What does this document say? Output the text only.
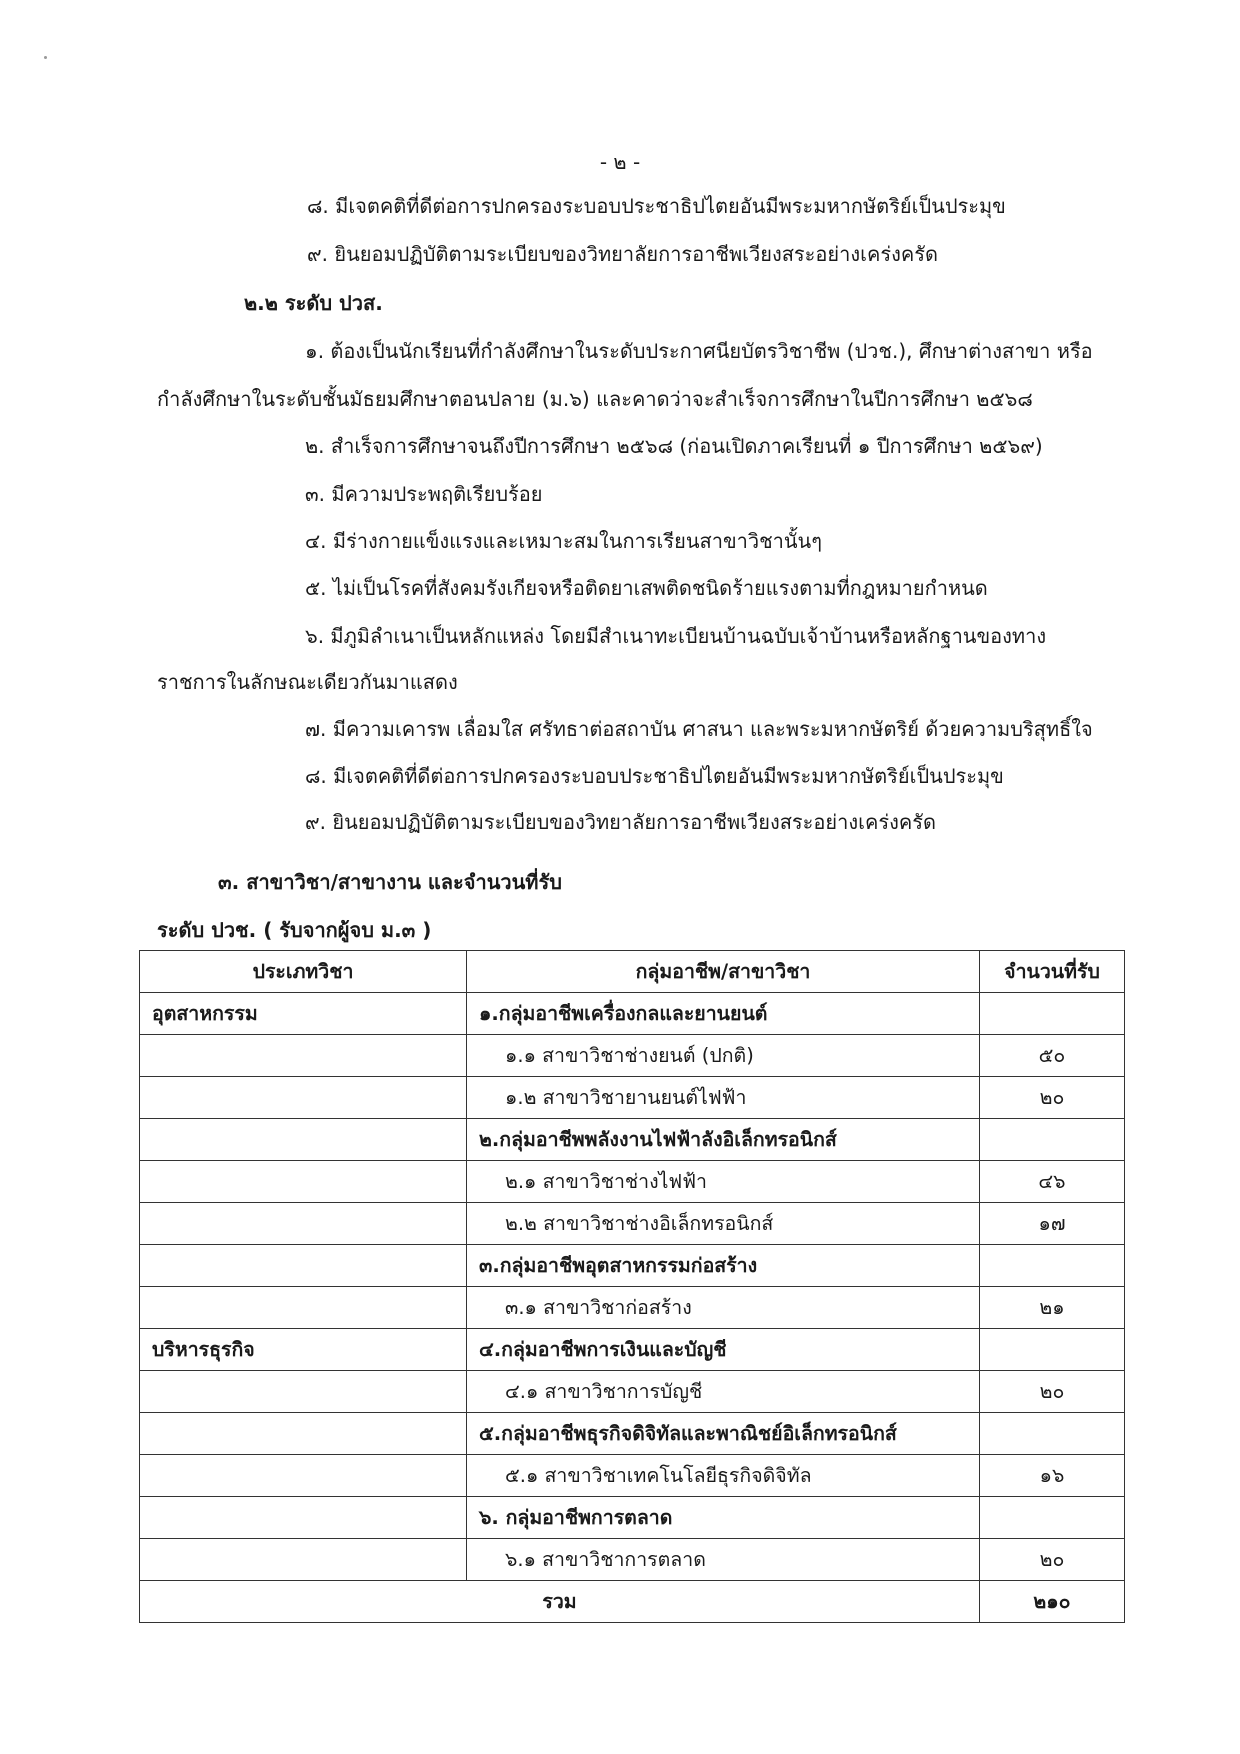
- ๒ -
๘. มีเจตคติที่ดีต่อการปกครองระบอบประชาธิปไตยอันมีพระมหากษัตริย์เป็นประมุข
๙. ยินยอมปฏิบัติตามระเบียบของวิทยาลัยการอาชีพเวียงสระอย่างเคร่งครัด
๒.๒ ระดับ ปวส.
๑. ต้องเป็นนักเรียนที่กำลังศึกษาในระดับประกาศนียบัตรวิชาชีพ (ปวช.), ศึกษาต่างสาขา หรือ
กำลังศึกษาในระดับชั้นมัธยมศึกษาตอนปลาย (ม.๖) และคาดว่าจะสำเร็จการศึกษาในปีการศึกษา ๒๕๖๘
๒. สำเร็จการศึกษาจนถึงปีการศึกษา ๒๕๖๘ (ก่อนเปิดภาคเรียนที่ ๑ ปีการศึกษา ๒๕๖๙)
๓. มีความประพฤติเรียบร้อย
๔. มีร่างกายแข็งแรงและเหมาะสมในการเรียนสาขาวิชานั้นๆ
๕. ไม่เป็นโรคที่สังคมรังเกียจหรือติดยาเสพติดชนิดร้ายแรงตามที่กฎหมายกำหนด
๖. มีภูมิลำเนาเป็นหลักแหล่ง โดยมีสำเนาทะเบียนบ้านฉบับเจ้าบ้านหรือหลักฐานของทาง
ราชการในลักษณะเดียวกันมาแสดง
๗. มีความเคารพ เลื่อมใส ศรัทธาต่อสถาบัน ศาสนา และพระมหากษัตริย์ ด้วยความบริสุทธิ์ใจ
๘. มีเจตคติที่ดีต่อการปกครองระบอบประชาธิปไตยอันมีพระมหากษัตริย์เป็นประมุข
๙. ยินยอมปฏิบัติตามระเบียบของวิทยาลัยการอาชีพเวียงสระอย่างเคร่งครัด
๓. สาขาวิชา/สาขางาน และจำนวนที่รับ
ระดับ ปวช. ( รับจากผู้จบ ม.๓ )
ประเภทวิชา	กลุ่มอาชีพ/สาขาวิชา	จำนวนที่รับ
อุตสาหกรรม	๑.กลุ่มอาชีพเครื่องกลและยานยนต์	
	๑.๑ สาขาวิชาช่างยนต์ (ปกติ)	๕๐
	๑.๒ สาขาวิชายานยนต์ไฟฟ้า	๒๐
	๒.กลุ่มอาชีพพลังงานไฟฟ้าลังอิเล็กทรอนิกส์	
	๒.๑ สาขาวิชาช่างไฟฟ้า	๔๖
	๒.๒ สาขาวิชาช่างอิเล็กทรอนิกส์	๑๗
	๓.กลุ่มอาชีพอุตสาหกรรมก่อสร้าง	
	๓.๑ สาขาวิชาก่อสร้าง	๒๑
บริหารธุรกิจ	๔.กลุ่มอาชีพการเงินและบัญชี	
	๔.๑ สาขาวิชาการบัญชี	๒๐
	๕.กลุ่มอาชีพธุรกิจดิจิทัลและพาณิชย์อิเล็กทรอนิกส์	
	๕.๑ สาขาวิชาเทคโนโลยีธุรกิจดิจิทัล	๑๖
	๖. กลุ่มอาชีพการตลาด	
	๖.๑ สาขาวิชาการตลาด	๒๐
รวม		๒๑๐
